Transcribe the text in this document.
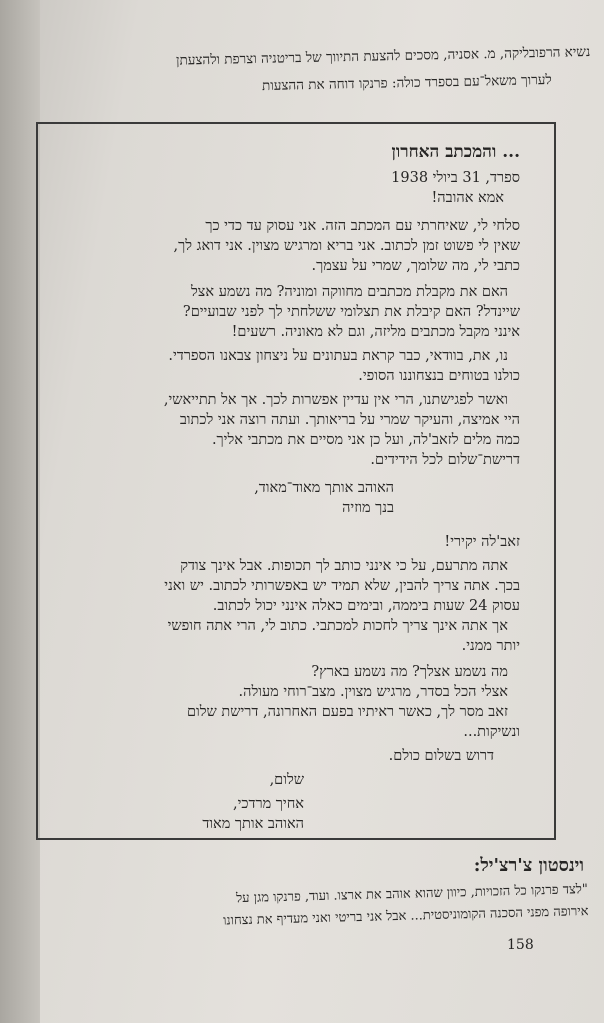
נשיא הרפובליקה, מ. אסניה, מסכים להצעת התיווך של בריטניה וצרפת ולהצעתן
לערוך משאל־עם בספרד כולה: פרנקו דוחה את ההצעות
... והמכתב האחרון
ספרד, 31 ביולי 1938
אמא אהובה!
סלחי לי, שאיחרתי עם המכתב הזה. אני עסוק עד כדי כך
שאין לי פשוט זמן לכתוב. אני בריא ומרגיש מצוין. אני דואג לך,
כתבי לי, מה שלומך, שמרי על עצמך.
האם את מקבלת מכתבים מחווקה ומוניה? מה נשמע אצל
שיינדל? האם קיבלת את תצלומי ששלחתי לך לפני שבועיים?
אינני מקבל מכתבים מליזה, וגם לא מאוניה. רשעים!
נו, את, בוודאי, כבר קראת בעתונים על ניצחון צבאנו הספרדי.
כולנו בטוחים בנצחוננו הסופי.
ואשר לפגישתנו, הרי אין עדיין אפשרות לכך. אך אל תתייאשי,
היי אמיצה, והעיקר שמרי על בריאותך. ועתה רוצה אני לכתוב
כמה מלים לזאב'לה, ועל כן אני מסיים את מכתבי אליך.
דרישת־שלום לכל הידידים.
האוהב אותך מאוד־מאוד,
בנך מוזיה
זאב'לה יקירי!
אתה מתרעם, על כי אינני כותב לך תכופות. אבל אינך צודק
בכך. אתה צריך להבין, שלא תמיד יש באפשרותי לכתוב. יש ואני
עסוק 24 שעות ביממה, ובימים כאלה אינני יכול לכתוב.
אך אתה אינך צריך לחכות למכתבי. כתוב לי, הרי אתה חופשי
יותר ממני.
מה נשמע אצלך? מה נשמע בארץ?
אצלי הכל בסדר, מרגיש מצוין. מצב־רוחי מעולה.
זאב מסר לך, כאשר ראיתיו בפעם האחרונה, דרישת שלום
ונשיקות...
דרוש בשלום כולם.
שלום,
אחיך מרדכי,
האוהב אותך מאוד
וינסטון צ'רצ'יל:
"לצד פרנקו כל הזכויות, כיוון שהוא אוהב את ארצו. ועוד, פרנקו מגן על
אירופה מפני הסכנה הקומוניסטית... אבל אני בריטי ואני מעדיף את נצחונו
158
